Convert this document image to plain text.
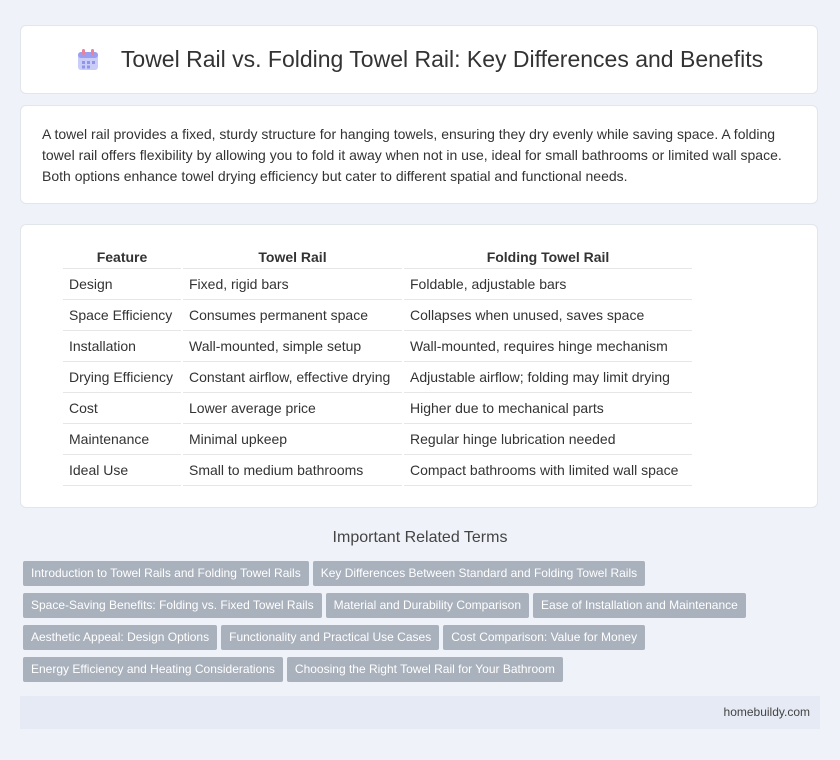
Towel Rail vs. Folding Towel Rail: Key Differences and Benefits

A towel rail provides a fixed, sturdy structure for hanging towels, ensuring they dry evenly while saving space. A folding towel rail offers flexibility by allowing you to fold it away when not in use, ideal for small bathrooms or limited wall space. Both options enhance towel drying efficiency but cater to different spatial and functional needs.

Feature	Towel Rail	Folding Towel Rail
Design	Fixed, rigid bars	Foldable, adjustable bars
Space Efficiency	Consumes permanent space	Collapses when unused, saves space
Installation	Wall-mounted, simple setup	Wall-mounted, requires hinge mechanism
Drying Efficiency	Constant airflow, effective drying	Adjustable airflow; folding may limit drying
Cost	Lower average price	Higher due to mechanical parts
Maintenance	Minimal upkeep	Regular hinge lubrication needed
Ideal Use	Small to medium bathrooms	Compact bathrooms with limited wall space
Important Related Terms
Introduction to Towel Rails and Folding Towel Rails Key Differences Between Standard and Folding Towel Rails
Space-Saving Benefits: Folding vs. Fixed Towel Rails Material and Durability Comparison Ease of Installation and Maintenance
Aesthetic Appeal: Design Options Functionality and Practical Use Cases Cost Comparison: Value for Money
Energy Efficiency and Heating Considerations Choosing the Right Towel Rail for Your Bathroom
homebuildy.com
